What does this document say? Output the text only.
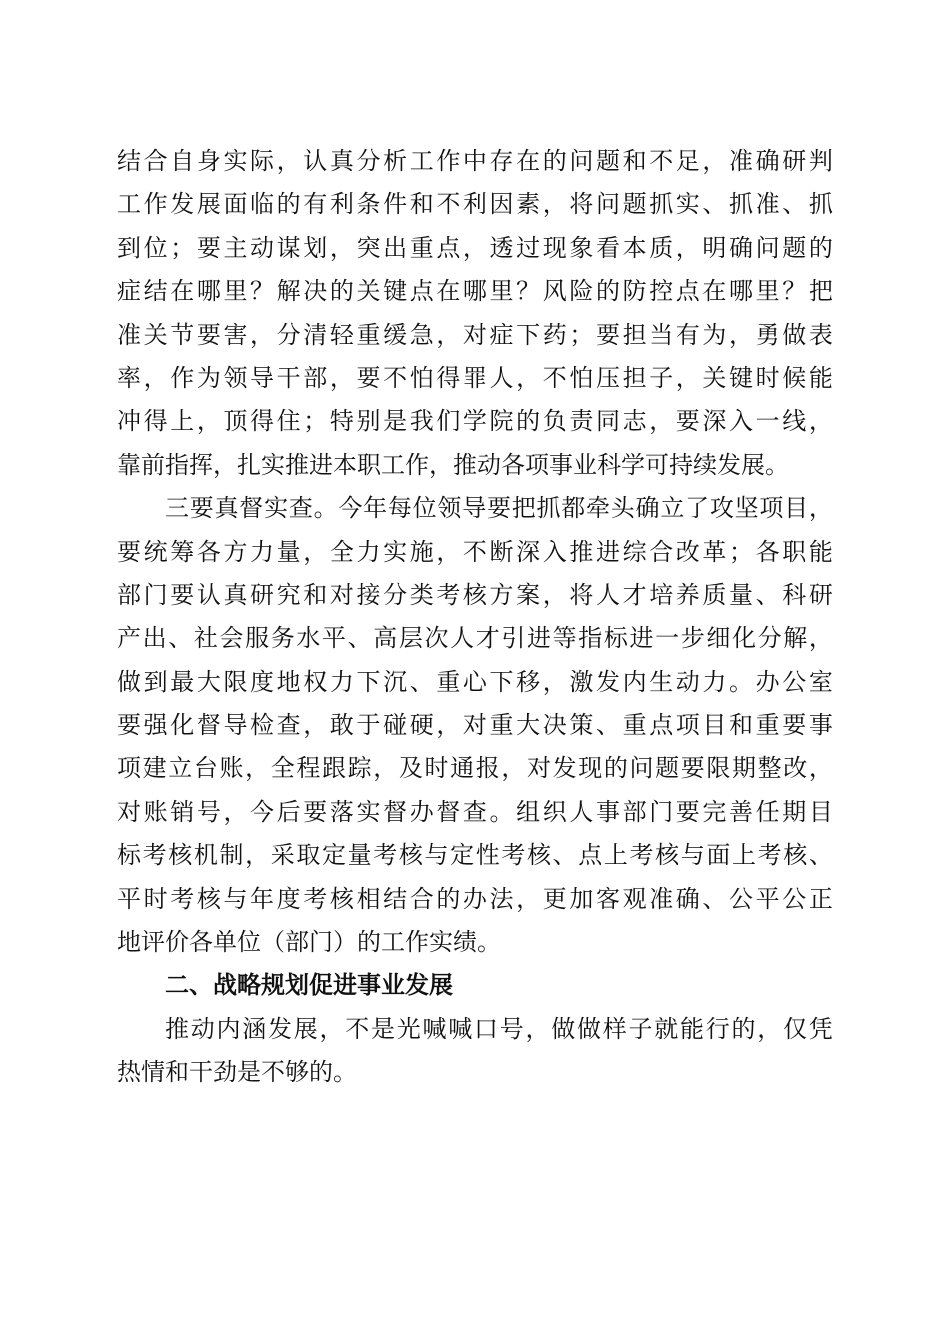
结 合 自 身 实 际 ， 认 真 分 析 工 作 中 存 在 的 问 题 和 不 足 ， 准 确 研 判
工 作 发 展 面 临 的 有 利 条 件 和 不 利 因 素 ， 将 问 题 抓 实 、 抓 准 、 抓
到 位 ； 要 主 动 谋 划 ， 突 出 重 点 ， 透 过 现 象 看 本 质 ， 明 确 问 题 的
症 结 在 哪 里 ？ 解 决 的 关 键 点 在 哪 里 ？ 风 险 的 防 控 点 在 哪 里 ？ 把
准 关 节 要 害 ， 分 清 轻 重 缓 急 ， 对 症 下 药 ； 要 担 当 有 为 ， 勇 做 表
率 ， 作 为 领 导 干 部 ， 要 不 怕 得 罪 人 ， 不 怕 压 担 子 ， 关 键 时 候 能
冲 得 上 ， 顶 得 住 ； 特 别 是 我 们 学 院 的 负 责 同 志 ， 要 深 入 一 线 ，
靠前指挥，扎实推进本职工作，推动各项事业科学可持续发展。
三 要 真 督 实 查 。 今 年 每 位 领 导 要 把 抓 都 牵 头 确 立 了 攻 坚 项 目 ，
要 统 筹 各 方 力 量 ， 全 力 实 施 ， 不 断 深 入 推 进 综 合 改 革 ； 各 职 能
部 门 要 认 真 研 究 和 对 接 分 类 考 核 方 案 ， 将 人 才 培 养 质 量 、 科 研
产 出 、 社 会 服 务 水 平 、 高 层 次 人 才 引 进 等 指 标 进 一 步 细 化 分 解 ，
做 到 最 大 限 度 地 权 力 下 沉 、 重 心 下 移 ， 激 发 内 生 动 力 。 办 公 室
要 强 化 督 导 检 查 ， 敢 于 碰 硬 ， 对 重 大 决 策 、 重 点 项 目 和 重 要 事
项 建 立 台 账 ， 全 程 跟 踪 ， 及 时 通 报 ， 对 发 现 的 问 题 要 限 期 整 改 ，
对 账 销 号 ， 今 后 要 落 实 督 办 督 查 。 组 织 人 事 部 门 要 完 善 任 期 目
标 考 核 机 制 ， 采 取 定 量 考 核 与 定 性 考 核 、 点 上 考 核 与 面 上 考 核 、
平 时 考 核 与 年 度 考 核 相 结 合 的 办 法 ， 更 加 客 观 准 确 、 公 平 公 正
地评价各单位（部门）的工作实绩。
二、战略规划促进事业发展
推 动 内 涵 发 展 ， 不 是 光 喊 喊 口 号 ， 做 做 样 子 就 能 行 的 ， 仅 凭
热情和干劲是不够的。
